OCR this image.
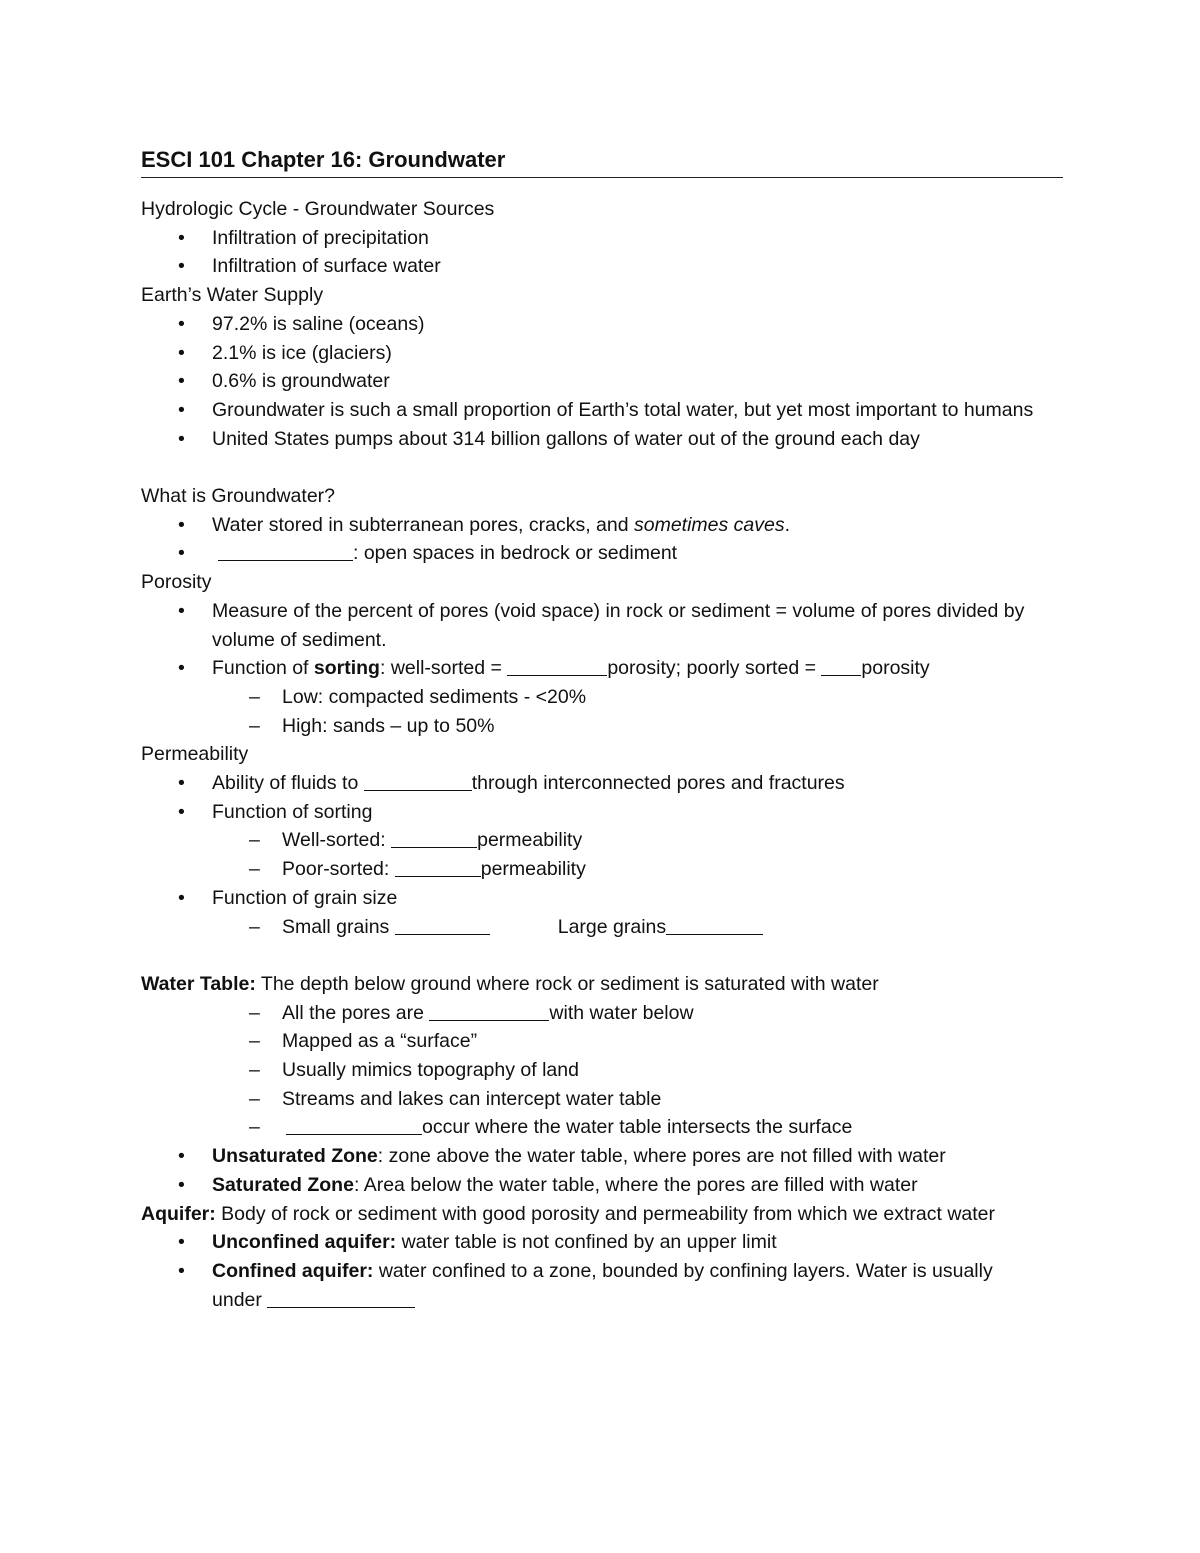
ESCI 101 Chapter 16: Groundwater
Hydrologic Cycle - Groundwater Sources
• Infiltration of precipitation
• Infiltration of surface water
Earth’s Water Supply
• 97.2% is saline (oceans)
• 2.1% is ice (glaciers)
• 0.6% is groundwater
• Groundwater is such a small proportion of Earth’s total water, but yet most important to humans
• United States pumps about 314 billion gallons of water out of the ground each day
What is Groundwater?
• Water stored in subterranean pores, cracks, and sometimes caves.
•	: open spaces in bedrock or sediment
Porosity
• Measure of the percent of pores (void space) in rock or sediment = volume of pores divided by volume of sediment.
• Function of sorting: well-sorted =	porosity; poorly sorted = porosity
– Low: compacted sediments - <20%
– High: sands – up to 50%
Permeability
• Ability of fluids to	through interconnected pores and fractures
• Function of sorting
– Well-sorted:	permeability
– Poor-sorted:	permeability
• Function of grain size
– Small grains	Large grains
Water Table: The depth below ground where rock or sediment is saturated with water
– All the pores are	with water below
– Mapped as a “surface”
– Usually mimics topography of land
– Streams and lakes can intercept water table
–	occur where the water table intersects the surface
• Unsaturated Zone: zone above the water table, where pores are not filled with water
• Saturated Zone: Area below the water table, where the pores are filled with water
Aquifer: Body of rock or sediment with good porosity and permeability from which we extract water
• Unconfined aquifer: water table is not confined by an upper limit
• Confined aquifer: water confined to a zone, bounded by confining layers. Water is usually under
